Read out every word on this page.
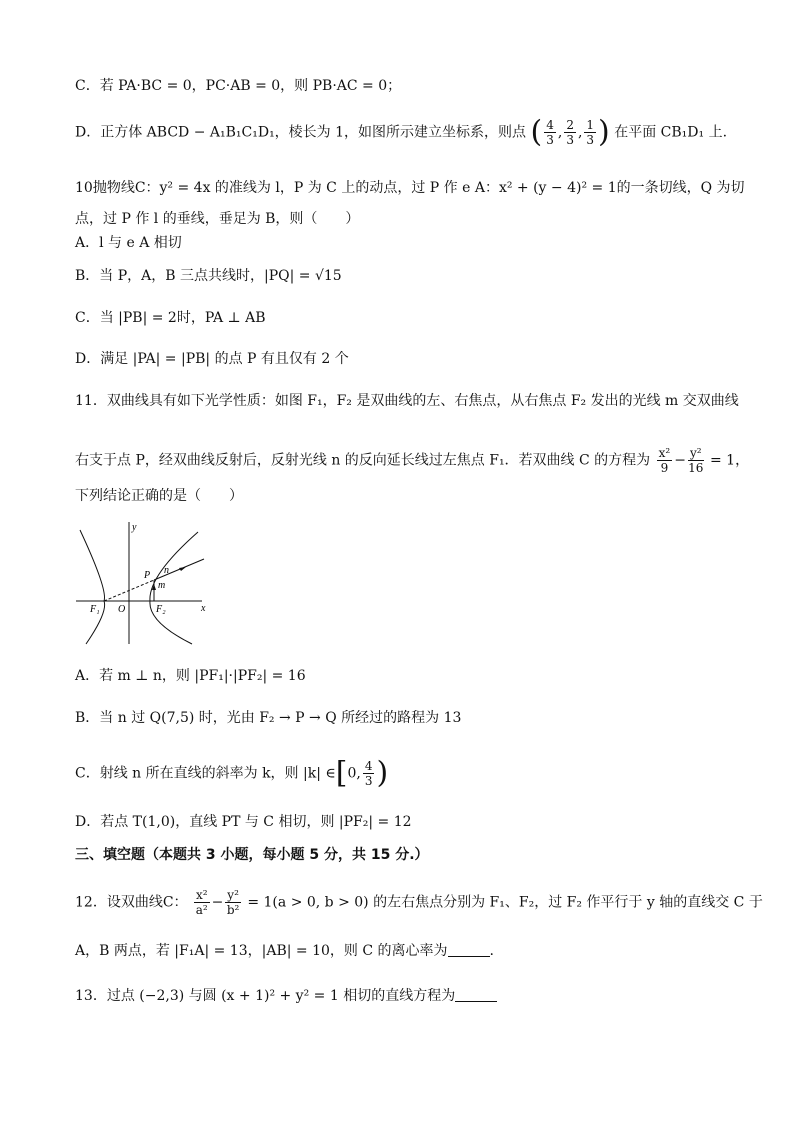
C．若 PA·BC = 0，PC·AB = 0，则 PB·AC = 0；
D．正方体 ABCD − A₁B₁C₁D₁，棱长为 1，如图所示建立坐标系，则点 ( $\frac{4}{3}$ , $\frac{2}{3}$ , $\frac{1}{3}$ ) 在平面 CB₁D₁ 上.
10抛物线C：y² = 4x 的准线为 l，P 为 C 上的动点，过 P 作 e A：x² + (y − 4)² = 1的一条切线，Q 为切
点，过 P 作 l 的垂线，垂足为 B，则（　　）
A．l 与 e A 相切
B．当 P，A，B 三点共线时，|PQ| = √15
C．当 |PB| = 2时，PA ⊥ AB
D．满足 |PA| = |PB| 的点 P 有且仅有 2 个
11．双曲线具有如下光学性质：如图 F₁，F₂ 是双曲线的左、右焦点，从右焦点 F₂ 发出的光线 m 交双曲线
右支于点 P，经双曲线反射后，反射光线 n 的反向延长线过左焦点 F₁．若双曲线 C 的方程为 $\frac{\text{x²}}{9} - \frac{\text{y²}}{16} = 1$，
下列结论正确的是（　　）
y
x
O
F₁	F₂
P n
m
A．若 m ⊥ n，则 |PF₁|·|PF₂| = 16
B．当 n 过 Q(7,5) 时，光由 F₂ → P → Q 所经过的路程为 13
C．射线 n 所在直线的斜率为 k，则 |k| ∈[0, $\frac{4}{3}$ )
D．若点 T(1,0)，直线 PT 与 C 相切，则 |PF₂| = 12
三、填空题（本题共 3 小题，每小题 5 分，共 15 分.）
12．设双曲线C： $\frac{\text{x²}}{\text{a²}} - \frac{\text{y²}}{\text{b²}} = 1(a > 0$, b > 0) 的左右焦点分别为 F₁、F₂，过 F₂ 作平行于 y 轴的直线交 C 于
A，B 两点，若 |F₁A| = 13，|AB| = 10，则 C 的离心率为	.
13．过点 (−2,3) 与圆 (x + 1)² + y² = 1 相切的直线方程为
